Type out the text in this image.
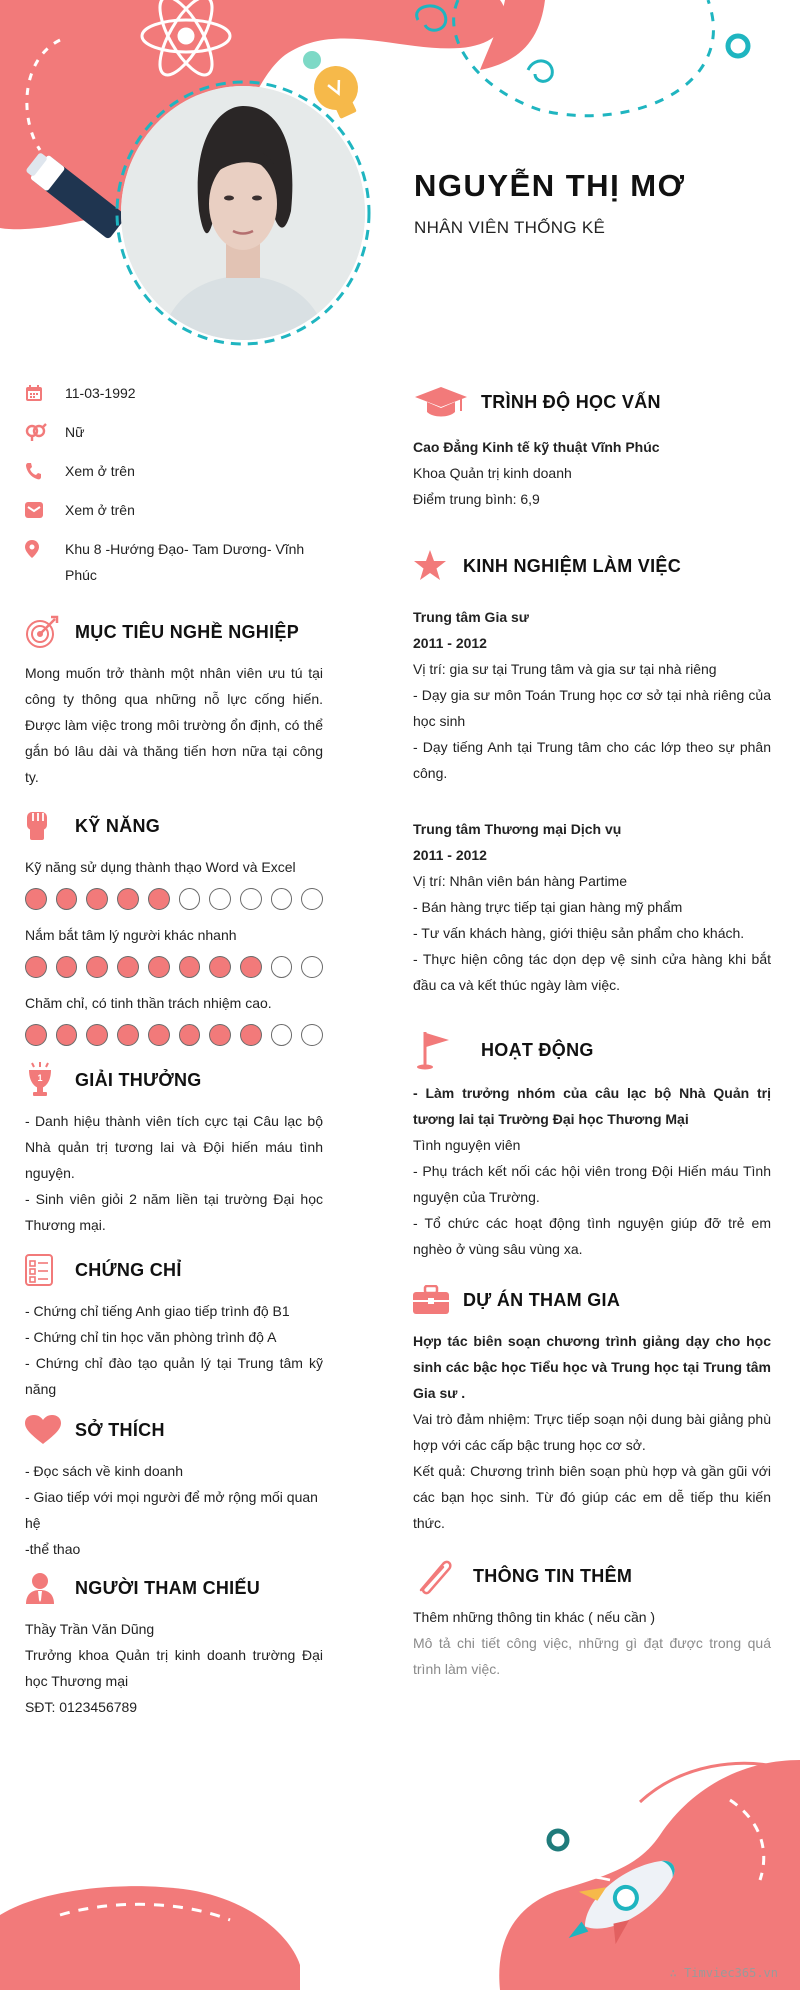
NGUYỄN THỊ MƠ
NHÂN VIÊN THỐNG KÊ
11-03-1992
Nữ
Xem ở trên
Xem ở trên
Khu 8 -Hướng Đạo- Tam Dương- Vĩnh Phúc
MỤC TIÊU NGHỀ NGHIỆP
Mong muốn trở thành một nhân viên ưu tú tại công ty thông qua những nỗ lực cống hiến. Được làm việc trong môi trường ổn định, có thể gắn bó lâu dài và thăng tiến hơn nữa tại công ty.
KỸ NĂNG
Kỹ năng sử dụng thành thạo Word và Excel
Nắm bắt tâm lý người khác nhanh
Chăm chỉ, có tinh thần trách nhiệm cao.
1 GIẢI THƯỞNG
- Danh hiệu thành viên tích cực tại Câu lạc bộ Nhà quản trị tương lai và Đội hiến máu tình nguyện.
- Sinh viên giỏi 2 năm liền tại trường Đại học Thương mại.
CHỨNG CHỈ
- Chứng chỉ tiếng Anh giao tiếp trình độ B1
- Chứng chỉ tin học văn phòng trình độ A
- Chứng chỉ đào tạo quản lý tại Trung tâm kỹ năng
SỞ THÍCH
- Đọc sách về kinh doanh
- Giao tiếp với mọi người để mở rộng mối quan hệ
-thể thao
NGƯỜI THAM CHIẾU
Thầy Trần Văn Dũng
Trưởng khoa Quản trị kinh doanh trường Đại học Thương mại
SĐT: 0123456789
TRÌNH ĐỘ HỌC VẤN
Cao Đẳng Kinh tế kỹ thuật Vĩnh Phúc
Khoa Quản trị kinh doanh
Điểm trung bình: 6,9
KINH NGHIỆM LÀM VIỆC
Trung tâm Gia sư
2011 - 2012
Vị trí: gia sư tại Trung tâm và gia sư tại nhà riêng
- Dạy gia sư môn Toán Trung học cơ sở tại nhà riêng của học sinh
- Dạy tiếng Anh tại Trung tâm cho các lớp theo sự phân công.
Trung tâm Thương mại Dịch vụ
2011 - 2012
Vị trí: Nhân viên bán hàng Partime
- Bán hàng trực tiếp tại gian hàng mỹ phẩm
- Tư vấn khách hàng, giới thiệu sản phẩm cho khách.
- Thực hiện công tác dọn dẹp vệ sinh cửa hàng khi bắt đầu ca và kết thúc ngày làm việc.
HOẠT ĐỘNG
- Làm trưởng nhóm của câu lạc bộ Nhà Quản trị tương lai tại Trường Đại học Thương Mại
Tình nguyện viên
- Phụ trách kết nối các hội viên trong Đội Hiến máu Tình nguyện của Trường.
- Tổ chức các hoạt động tình nguyện giúp đỡ trẻ em nghèo ở vùng sâu vùng xa.
DỰ ÁN THAM GIA
Hợp tác biên soạn chương trình giảng dạy cho học sinh các bậc học Tiểu học và Trung học tại Trung tâm Gia sư .
Vai trò đảm nhiệm: Trực tiếp soạn nội dung bài giảng phù hợp với các cấp bậc trung học cơ sở.
Kết quả: Chương trình biên soạn phù hợp và gần gũi với các bạn học sinh. Từ đó giúp các em dễ tiếp thu kiến thức.
THÔNG TIN THÊM
Thêm những thông tin khác ( nếu cần )
Mô tả chi tiết công việc, những gì đạt được trong quá trình làm việc.
∴ Timviec365.vn
